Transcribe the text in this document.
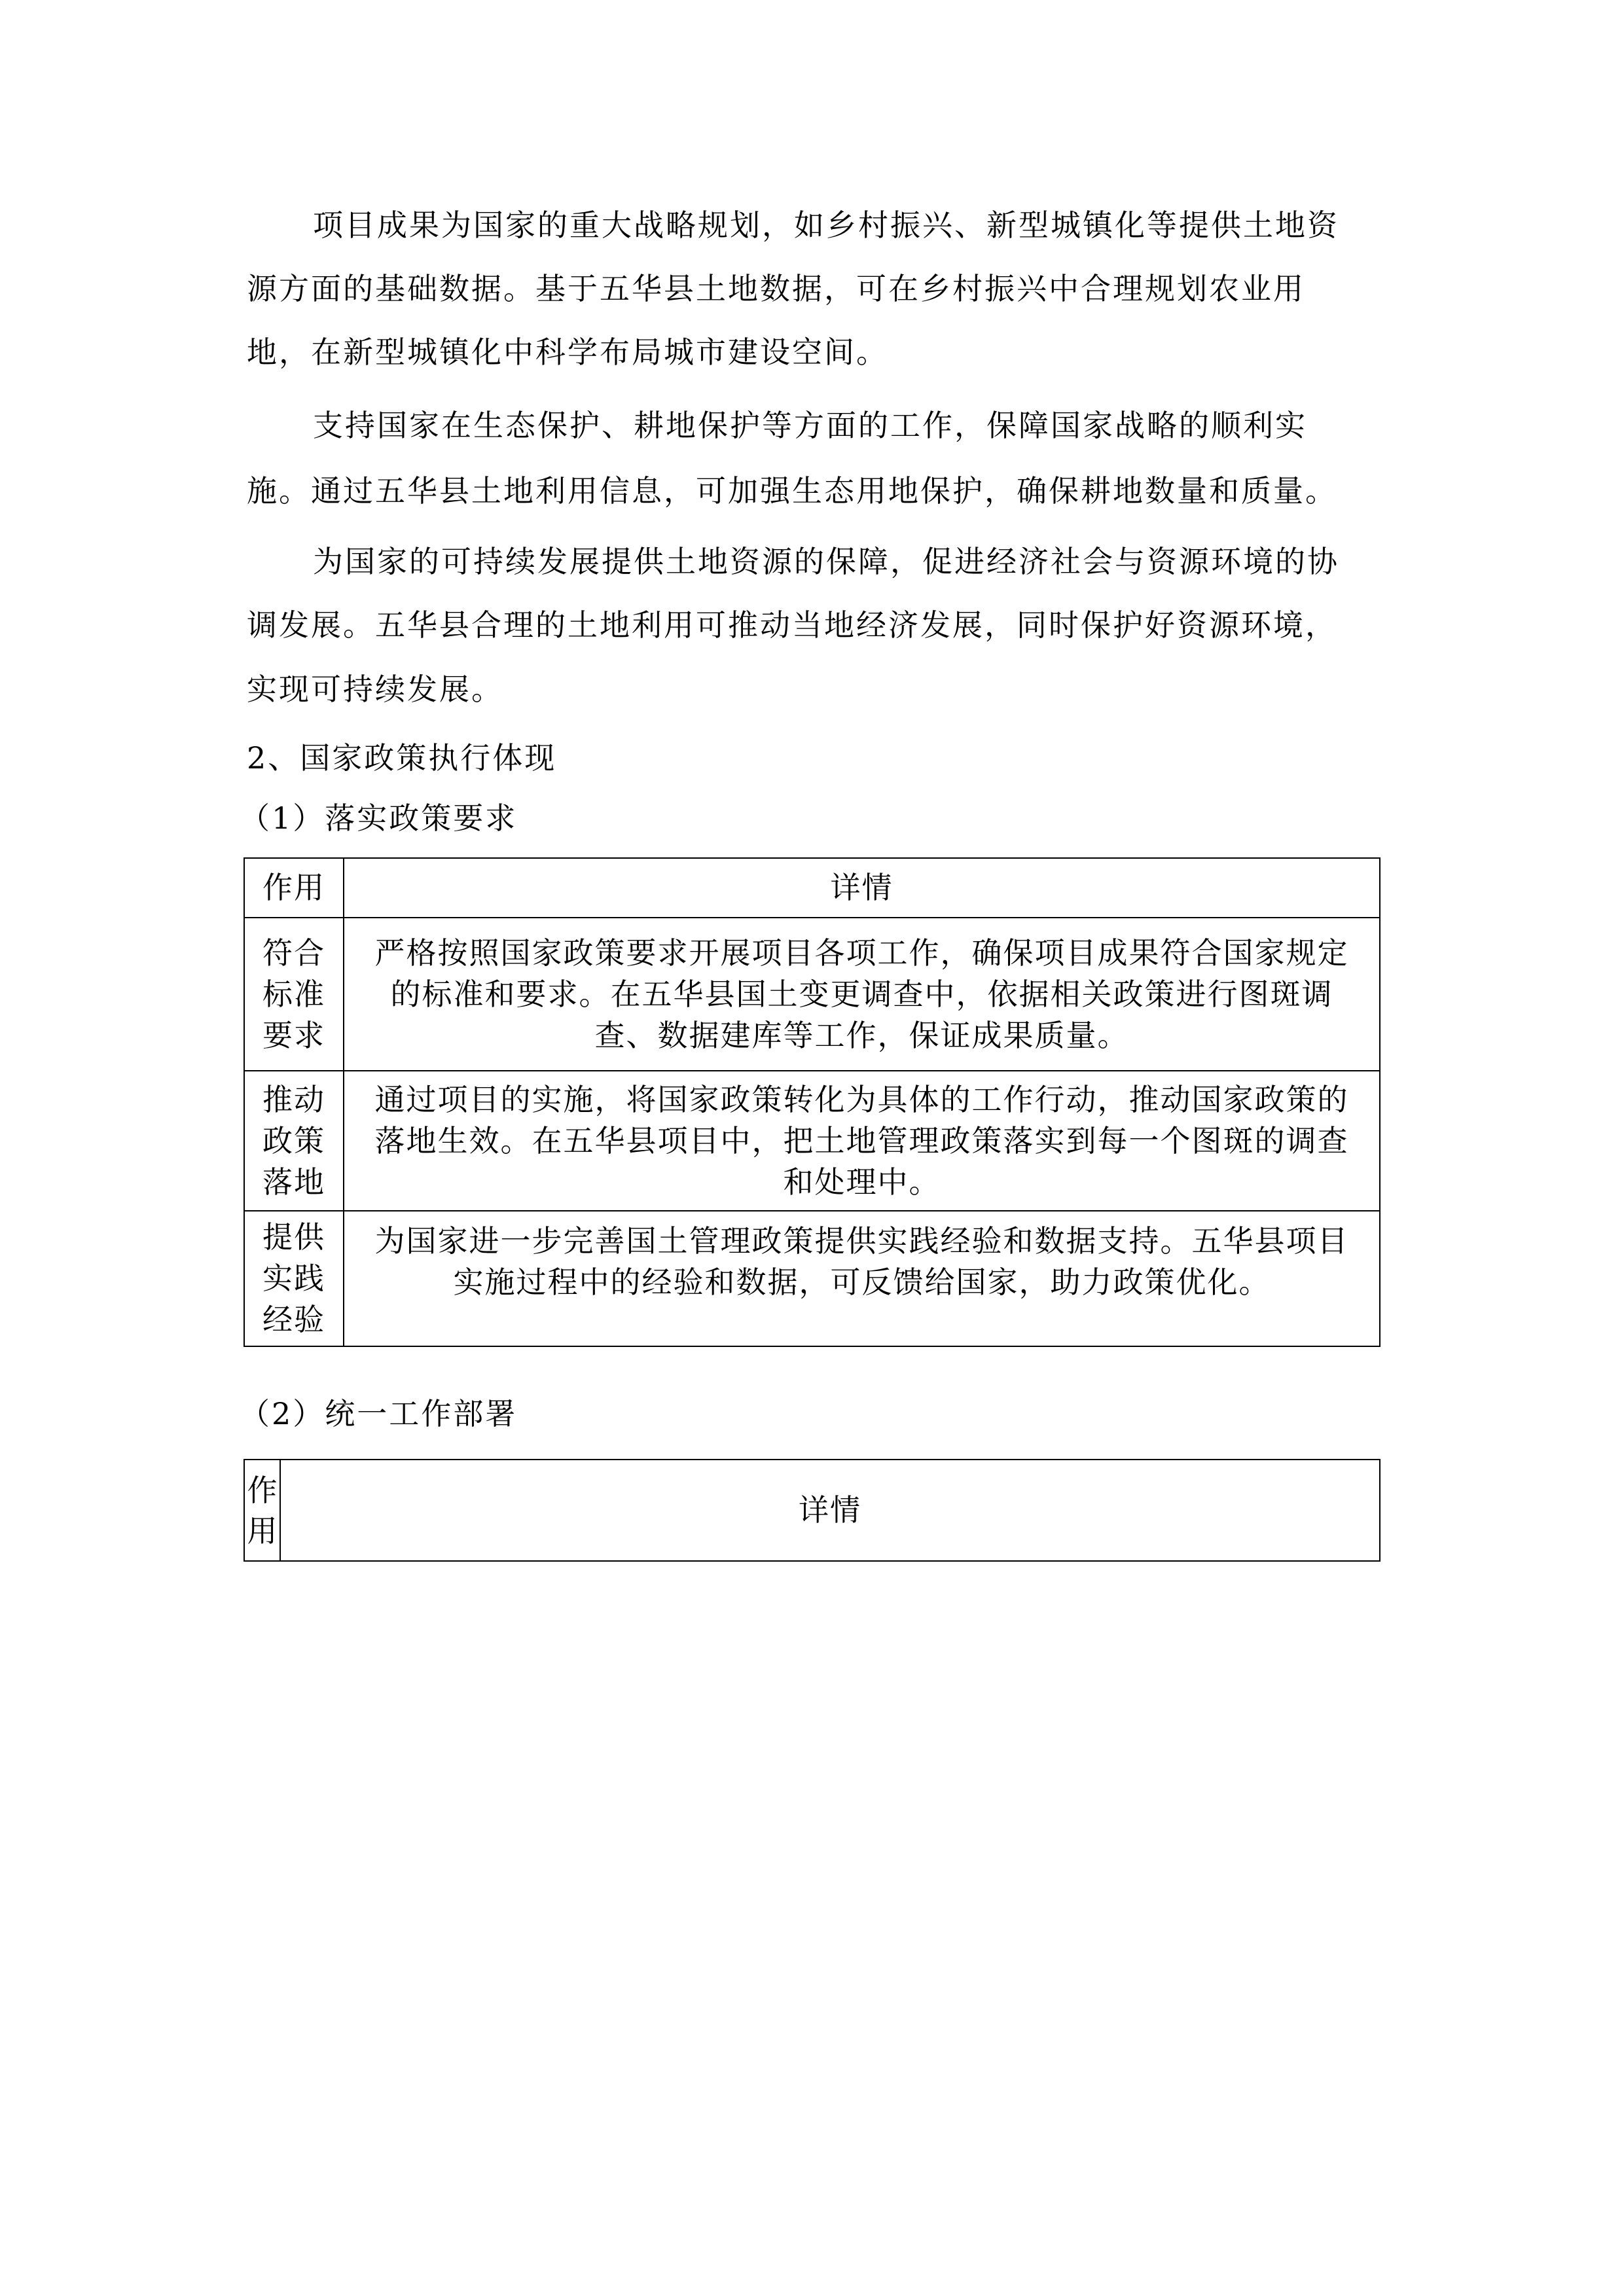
项目成果为国家的重大战略规划，如乡村振兴、新型城镇化等提供土地资
源方面的基础数据。基于五华县土地数据，可在乡村振兴中合理规划农业用
地，在新型城镇化中科学布局城市建设空间。
支持国家在生态保护、耕地保护等方面的工作，保障国家战略的顺利实
施。通过五华县土地利用信息，可加强生态用地保护，确保耕地数量和质量。
为国家的可持续发展提供土地资源的保障，促进经济社会与资源环境的协
调发展。五华县合理的土地利用可推动当地经济发展，同时保护好资源环境，
实现可持续发展。
2、国家政策执行体现
（1）落实政策要求
作用	详情

符合
标准
要求	严格按照国家政策要求开展项目各项工作，确保项目成果符合国家规定
的标准和要求。在五华县国土变更调查中，依据相关政策进行图斑调
查、数据建库等工作，保证成果质量。

推动
政策
落地	通过项目的实施，将国家政策转化为具体的工作行动，推动国家政策的
落地生效。在五华县项目中，把土地管理政策落实到每一个图斑的调查
和处理中。

提供
实践
经验	为国家进一步完善国土管理政策提供实践经验和数据支持。五华县项目
实施过程中的经验和数据，可反馈给国家，助力政策优化。
（2）统一工作部署
作
用
	详情
